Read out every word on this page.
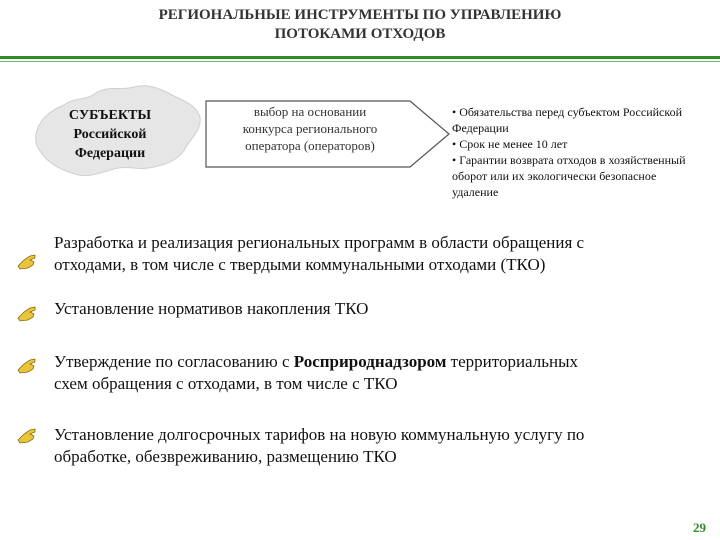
РЕГИОНАЛЬНЫЕ ИНСТРУМЕНТЫ ПО УПРАВЛЕНИЮ
ПОТОКАМИ ОТХОДОВ
СУБЪЕКТЫ
Российской
Федерации
выбор на основании
конкурса регионального
оператора (операторов)
• Обязательства перед субъектом Российской Федерации
• Срок не менее 10 лет
• Гарантии возврата отходов в хозяйственный оборот или их экологически безопасное удаление
Разработка и реализация региональных программ в области обращения с
отходами, в том числе с твердыми коммунальными отходами (ТКО)
Установление нормативов накопления ТКО
Утверждение по согласованию с Росприроднадзором территориальных
схем обращения с отходами, в том числе с ТКО
Установление долгосрочных тарифов на новую коммунальную услугу по
обработке, обезвреживанию, размещению ТКО
29
